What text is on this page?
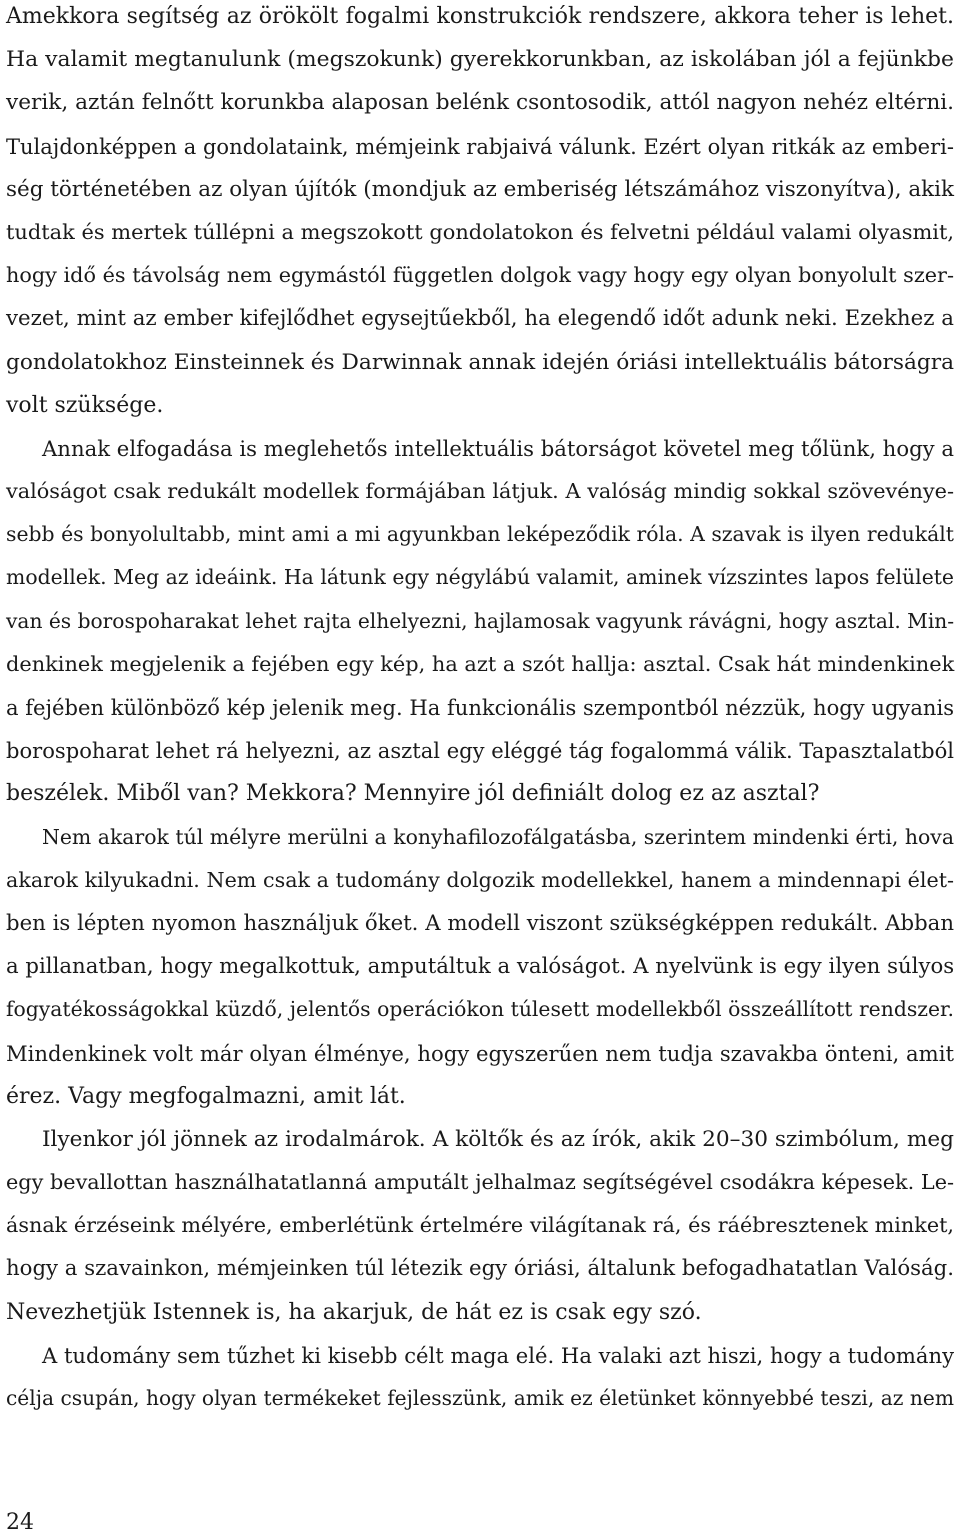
Amekkora segítség az örökölt fogalmi konstrukciók rendszere, akkora teher is lehet.
Ha valamit megtanulunk (megszokunk) gyerekkorunkban, az iskolában jól a fejünkbe
verik, aztán felnőtt korunkba alaposan belénk csontosodik, attól nagyon nehéz eltérni.
Tulajdonképpen a gondolataink, mémjeink rabjaivá válunk. Ezért olyan ritkák az emberi-
ség történetében az olyan újítók (mondjuk az emberiség létszámához viszonyítva), akik
tudtak és mertek túllépni a megszokott gondolatokon és felvetni például valami olyasmit,
hogy idő és távolság nem egymástól független dolgok vagy hogy egy olyan bonyolult szer-
vezet, mint az ember kifejlődhet egysejtűekből, ha elegendő időt adunk neki. Ezekhez a
gondolatokhoz Einsteinnek és Darwinnak annak idején óriási intellektuális bátorságra
volt szüksége.
Annak elfogadása is meglehetős intellektuális bátorságot követel meg tőlünk, hogy a
valóságot csak redukált modellek formájában látjuk. A valóság mindig sokkal szövevénye-
sebb és bonyolultabb, mint ami a mi agyunkban leképeződik róla. A szavak is ilyen redukált
modellek. Meg az ideáink. Ha látunk egy négylábú valamit, aminek vízszintes lapos felülete
van és borospoharakat lehet rajta elhelyezni, hajlamosak vagyunk rávágni, hogy asztal. Min-
denkinek megjelenik a fejében egy kép, ha azt a szót hallja: asztal. Csak hát mindenkinek
a fejében különböző kép jelenik meg. Ha funkcionális szempontból nézzük, hogy ugyanis
borospoharat lehet rá helyezni, az asztal egy eléggé tág fogalommá válik. Tapasztalatból
beszélek. Miből van? Mekkora? Mennyire jól definiált dolog ez az asztal?
Nem akarok túl mélyre merülni a konyhafilozofálgatásba, szerintem mindenki érti, hova
akarok kilyukadni. Nem csak a tudomány dolgozik modellekkel, hanem a mindennapi élet-
ben is lépten nyomon használjuk őket. A modell viszont szükségképpen redukált. Abban
a pillanatban, hogy megalkottuk, amputáltuk a valóságot. A nyelvünk is egy ilyen súlyos
fogyatékosságokkal küzdő, jelentős operációkon túlesett modellekből összeállított rendszer.
Mindenkinek volt már olyan élménye, hogy egyszerűen nem tudja szavakba önteni, amit
érez. Vagy megfogalmazni, amit lát.
Ilyenkor jól jönnek az irodalmárok. A költők és az írók, akik 20–30 szimbólum, meg
egy bevallottan használhatatlanná amputált jelhalmaz segítségével csodákra képesek. Le-
ásnak érzéseink mélyére, emberlétünk értelmére világítanak rá, és ráébresztenek minket,
hogy a szavainkon, mémjeinken túl létezik egy óriási, általunk befogadhatatlan Valóság.
Nevezhetjük Istennek is, ha akarjuk, de hát ez is csak egy szó.
A tudomány sem tűzhet ki kisebb célt maga elé. Ha valaki azt hiszi, hogy a tudomány
célja csupán, hogy olyan termékeket fejlesszünk, amik ez életünket könnyebbé teszi, az nem
24
